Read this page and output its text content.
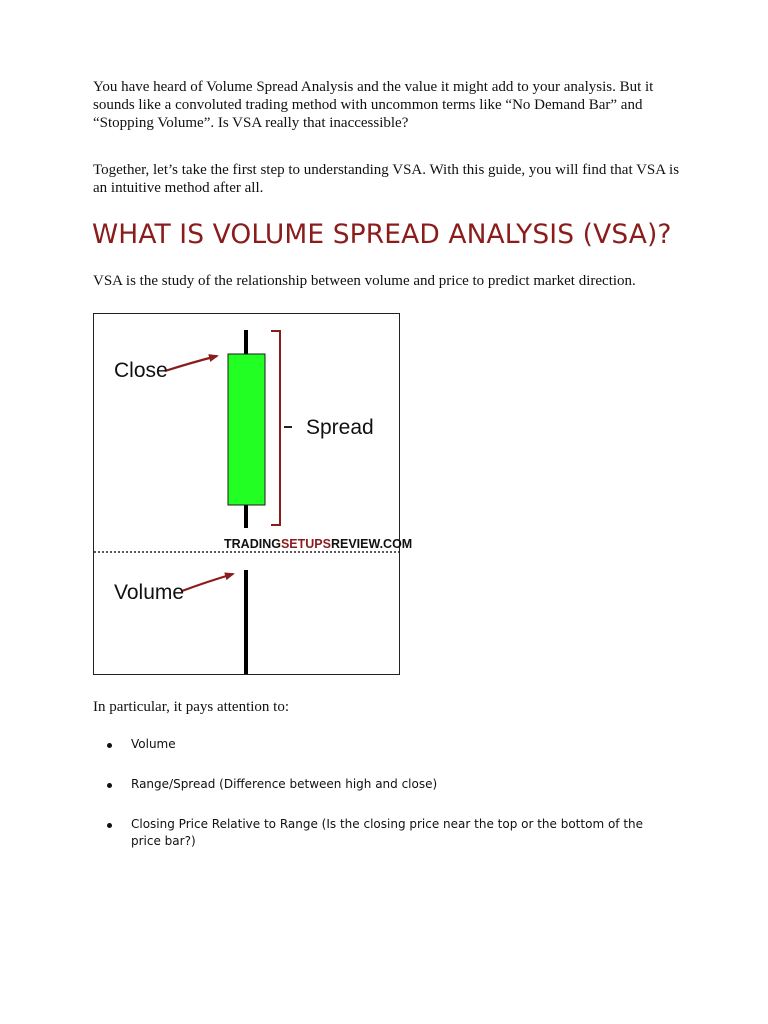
You have heard of Volume Spread Analysis and the value it might add to your analysis. But it sounds like a convoluted trading method with uncommon terms like “No Demand Bar” and “Stopping Volume”. Is VSA really that inaccessible?

Together, let’s take the first step to understanding VSA. With this guide, you will find that VSA is an intuitive method after all.

WHAT IS VOLUME SPREAD ANALYSIS (VSA)?

VSA is the study of the relationship between volume and price to predict market direction.

Close
Spread
TRADINGSETUPSREVIEW.COM
Volume

In particular, it pays attention to:

Volume
Range/Spread (Difference between high and close)
Closing Price Relative to Range (Is the closing price near the top or the bottom of the price bar?)
